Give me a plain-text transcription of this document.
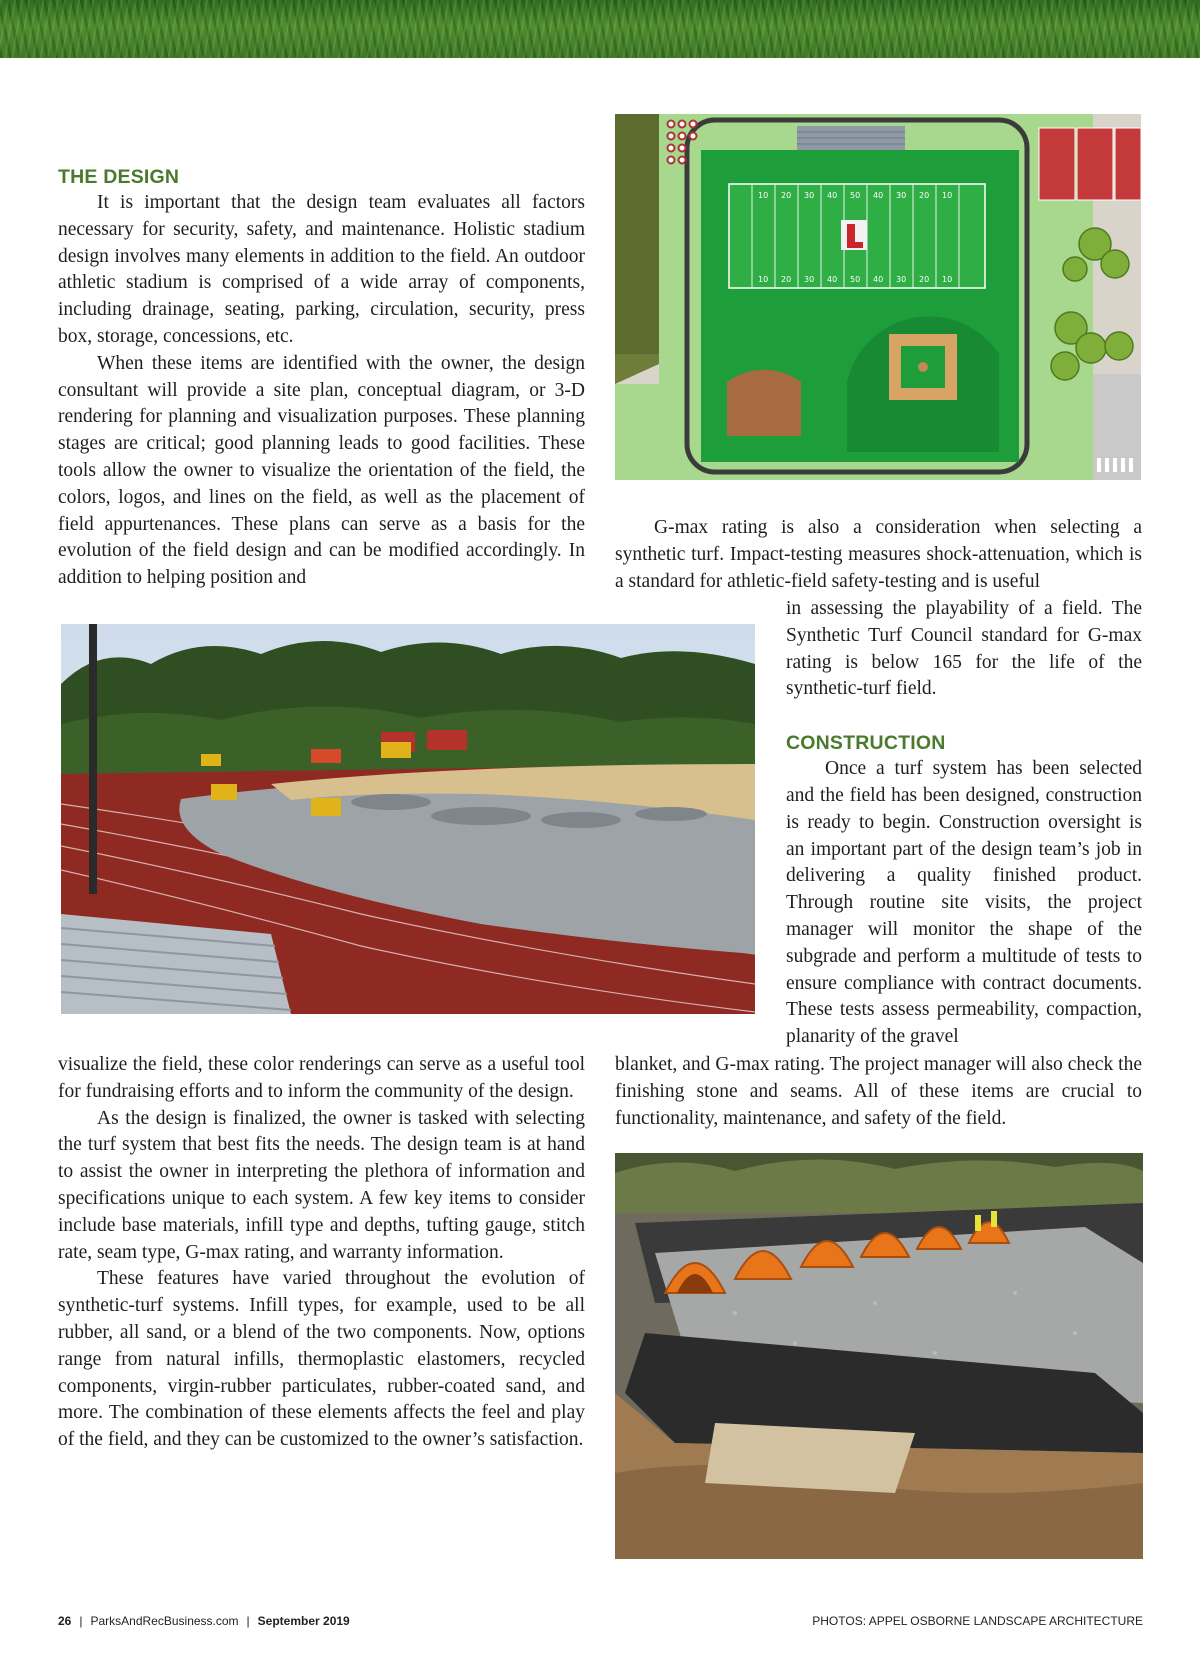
THE DESIGN

It is important that the design team evaluates all factors necessary for security, safety, and maintenance. Holistic stadium design involves many elements in addition to the field. An outdoor athletic stadium is comprised of a wide array of components, including drainage, seating, parking, circulation, security, press box, storage, concessions, etc.

When these items are identified with the owner, the design consultant will provide a site plan, conceptual diagram, or 3-D rendering for planning and visualization purposes. These planning stages are critical; good planning leads to good facilities. These tools allow the owner to visualize the orientation of the field, the colors, logos, and lines on the field, as well as the placement of field appurtenances. These plans can serve as a basis for the evolution of the field design and can be modified accordingly. In addition to helping position and

10
10
20
20
30
30
40
40
50
50
40
40
30
30
20
20
10
10

G-max rating is also a consideration when selecting a synthetic turf. Impact-testing measures shock-attenuation, which is a standard for athletic-field safety-testing and is useful

in assessing the playability of a field. The Synthetic Turf Council standard for G-max rating is below 165 for the life of the synthetic-turf field.

CONSTRUCTION

Once a turf system has been selected and the field has been designed, construction is ready to begin. Construction oversight is an important part of the design team’s job in delivering a quality finished product. Through routine site visits, the project manager will monitor the shape of the subgrade and perform a multitude of tests to ensure compliance with contract documents. These tests assess permeability, compaction, planarity of the gravel

visualize the field, these color renderings can serve as a useful tool for fundraising efforts and to inform the community of the design.

As the design is finalized, the owner is tasked with selecting the turf system that best fits the needs. The design team is at hand to assist the owner in interpreting the plethora of information and specifications unique to each system. A few key items to consider include base materials, infill type and depths, tufting gauge, stitch rate, seam type, G-max rating, and warranty information.

These features have varied throughout the evolution of synthetic-turf systems. Infill types, for example, used to be all rubber, all sand, or a blend of the two components. Now, options range from natural infills, thermoplastic elastomers, recycled components, virgin-rubber particulates, rubber-coated sand, and more. The combination of these elements affects the feel and play of the field, and they can be customized to the owner’s satisfaction.

blanket, and G-max rating. The project manager will also check the finishing stone and seams. All of these items are crucial to functionality, maintenance, and safety of the field.

26 | ParksAndRecBusiness.com | September 2019	PHOTOS: APPEL OSBORNE LANDSCAPE ARCHITECTURE
